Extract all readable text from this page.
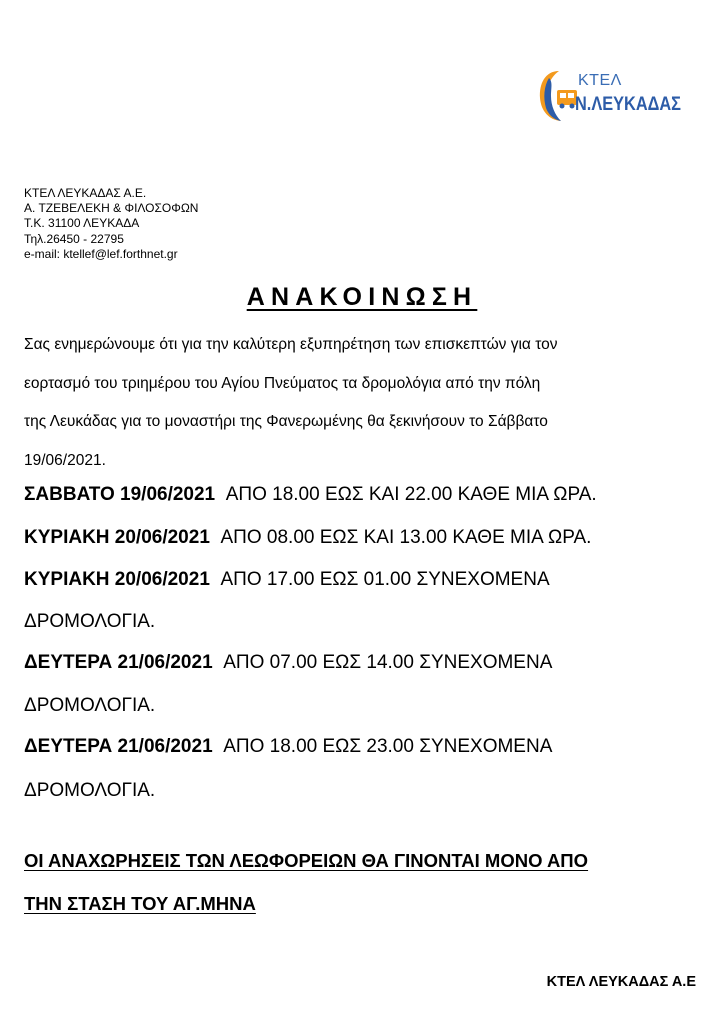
ΚΤΕΛ
Ν.ΛΕΥΚΑΔΑΣ
ΚΤΕΛ ΛΕΥΚΑΔΑΣ Α.Ε.
Α. ΤΖΕΒΕΛΕΚΗ & ΦΙΛΟΣΟΦΩΝ
Τ.Κ. 31100 ΛΕΥΚΑΔΑ
Τηλ.26450 - 22795
e-mail: ktellef@lef.forthnet.gr
ΑΝΑΚΟΙΝΩΣΗ
Σας ενημερώνουμε ότι για την καλύτερη εξυπηρέτηση των επισκεπτών για τον
εορτασμό του τριημέρου του Αγίου Πνεύματος τα δρομολόγια από την πόλη
της Λευκάδας για το μοναστήρι της Φανερωμένης θα ξεκινήσουν το Σάββατο
19/06/2021.
ΣΑΒΒΑΤΟ 19/06/2021 ΑΠΟ 18.00 ΕΩΣ ΚΑΙ 22.00 ΚΑΘΕ ΜΙΑ ΩΡΑ.
ΚΥΡΙΑΚΗ 20/06/2021 ΑΠΟ 08.00 ΕΩΣ ΚΑΙ 13.00 ΚΑΘΕ ΜΙΑ ΩΡΑ.
ΚΥΡΙΑΚΗ 20/06/2021 ΑΠΟ 17.00 ΕΩΣ 01.00 ΣΥΝΕΧΟΜΕΝΑ
ΔΡΟΜΟΛΟΓΙΑ.
ΔΕΥΤΕΡΑ 21/06/2021 ΑΠΟ 07.00 ΕΩΣ 14.00 ΣΥΝΕΧΟΜΕΝΑ
ΔΡΟΜΟΛΟΓΙΑ.
ΔΕΥΤΕΡΑ 21/06/2021 ΑΠΟ 18.00 ΕΩΣ 23.00 ΣΥΝΕΧΟΜΕΝΑ
ΔΡΟΜΟΛΟΓΙΑ.
ΟΙ ΑΝΑΧΩΡΗΣΕΙΣ ΤΩΝ ΛΕΩΦΟΡΕΙΩΝ ΘΑ ΓΙΝΟΝΤΑΙ ΜΟΝΟ ΑΠΟ
ΤΗΝ ΣΤΑΣΗ ΤΟΥ ΑΓ.ΜΗΝΑ
ΚΤΕΛ ΛΕΥΚΑΔΑΣ Α.Ε
